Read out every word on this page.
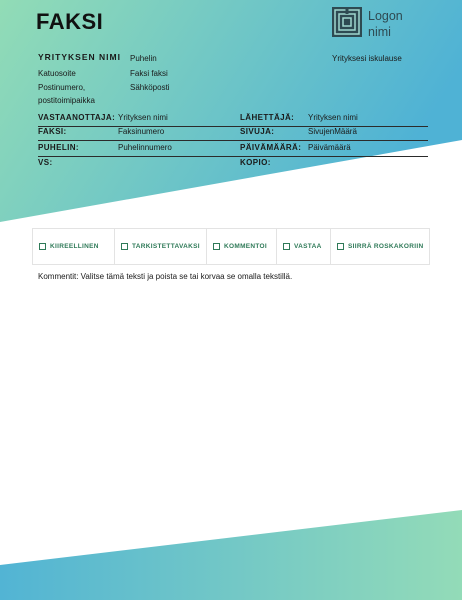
FAKSI	Logon
nimi
YRITYKSEN NIMI
Katuosoite
Postinumero, postitoimipaikka
Puhelin
Faksi faksi
Sähköposti
Yrityksesi iskulause
VASTAANOTTAJA: Yrityksen nimi	LÄHETTÄJÄ: Yrityksen nimi
FAKSI:	Faksinumero	SIVUJA:	SivujenMäärä
PUHELIN:	Puhelinnumero	PÄIVÄMÄÄRÄ: Päivämäärä
VS:	KOPIO:
KIIREELLINEN	TARKISTETTAVAKSI	KOMMENTOI	VASTAA	SIIRRÄ ROSKAKORIIN
Kommentit: Valitse tämä teksti ja poista se tai korvaa se omalla tekstillä.
